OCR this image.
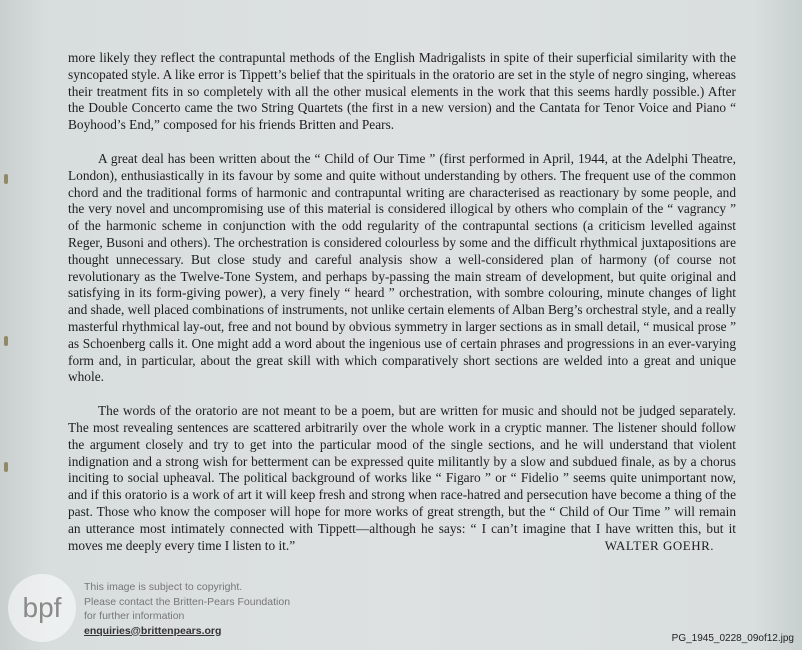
more likely they reflect the contrapuntal methods of the English Madrigalists in spite of their superficial similarity with the syncopated style. A like error is Tippett’s belief that the spirituals in the oratorio are set in the style of negro singing, whereas their treatment fits in so completely with all the other musical elements in the work that this seems hardly possible.) After the Double Concerto came the two String Quartets (the first in a new version) and the Cantata for Tenor Voice and Piano “ Boyhood’s End,” composed for his friends Britten and Pears.

A great deal has been written about the “ Child of Our Time ” (first performed in April, 1944, at the Adelphi Theatre, London), enthusiastically in its favour by some and quite without understanding by others. The frequent use of the common chord and the traditional forms of harmonic and contrapuntal writing are characterised as reactionary by some people, and the very novel and uncompromising use of this material is considered illogical by others who complain of the “ vagrancy ” of the harmonic scheme in conjunction with the odd regularity of the contrapuntal sections (a criticism levelled against Reger, Busoni and others). The orchestration is considered colourless by some and the difficult rhythmical juxtapositions are thought unnecessary. But close study and careful analysis show a well-considered plan of harmony (of course not revolutionary as the Twelve-Tone System, and perhaps by-passing the main stream of development, but quite original and satisfying in its form-giving power), a very finely “ heard ” orchestration, with sombre colouring, minute changes of light and shade, well placed combinations of instruments, not unlike certain elements of Alban Berg’s orchestral style, and a really masterful rhythmical lay-out, free and not bound by obvious symmetry in larger sections as in small detail, “ musical prose ” as Schoenberg calls it. One might add a word about the ingenious use of certain phrases and progressions in an ever-varying form and, in particular, about the great skill with which comparatively short sections are welded into a great and unique whole.

The words of the oratorio are not meant to be a poem, but are written for music and should not be judged separately. The most revealing sentences are scattered arbitrarily over the whole work in a cryptic manner. The listener should follow the argument closely and try to get into the particular mood of the single sections, and he will understand that violent indignation and a strong wish for betterment can be expressed quite militantly by a slow and subdued finale, as by a chorus inciting to social upheaval. The political background of works like “ Figaro ” or “ Fidelio ” seems quite unimportant now, and if this oratorio is a work of art it will keep fresh and strong when race-hatred and persecution have become a thing of the past. Those who know the composer will hope for more works of great strength, but the “ Child of Our Time ” will remain an utterance most intimately connected with Tippett—although he says: “ I can’t imagine that I have written this, but it moves me deeply every time I listen to it.”	WALTER GOEHR.
bpf
This image is subject to copyright.
Please contact the Britten-Pears Foundation
for further information
enquiries@brittenpears.org
PG_1945_0228_09of12.jpg
